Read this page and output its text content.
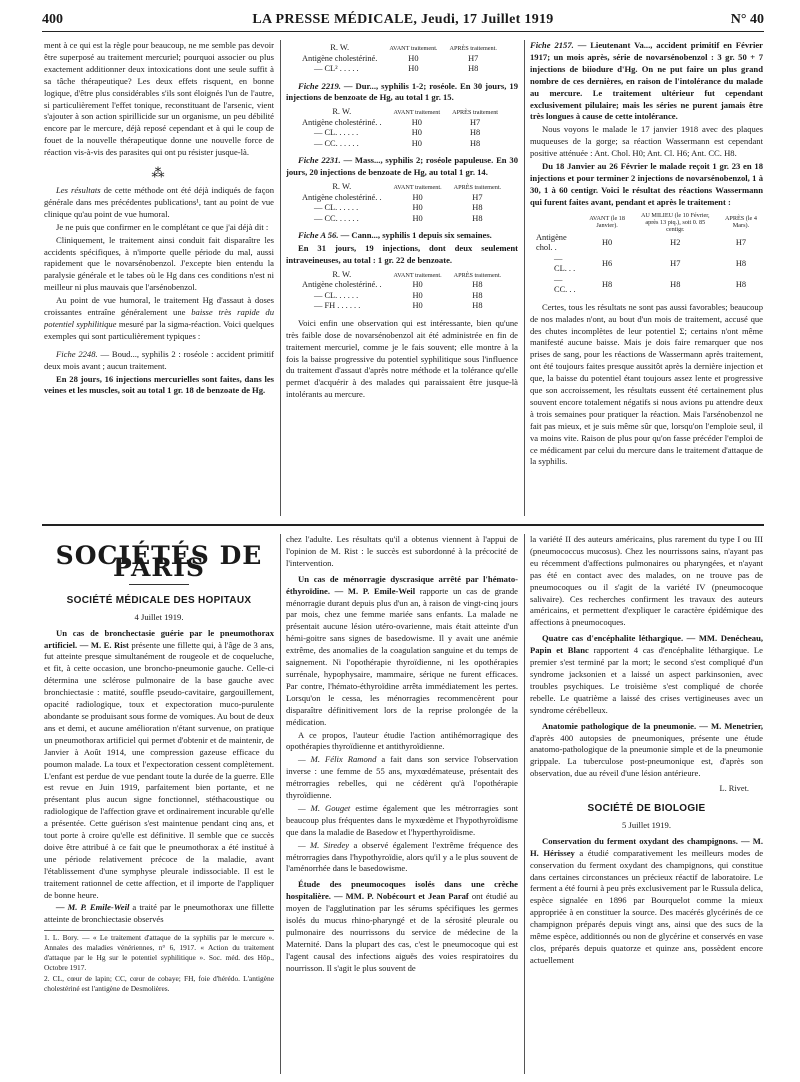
400	LA PRESSE MÉDICALE, Jeudi, 17 Juillet 1919	N° 40

ment à ce qui est la règle pour beaucoup, ne me semble pas devoir être superposé au traitement mercuriel; pourquoi associer ou plus exactement additionner deux intoxications dont une seule suffit à sa tâche thérapeutique? Les deux effets risquent, en bonne logique, d'être plus considérables s'ils sont éloignés l'un de l'autre, si particulièrement l'effet tonique, reconstituant de l'arsenic, vient s'ajouter à son action spirillicide sur un organisme, un peu débilité encore par le mercure, déjà reposé cependant et à qui le coup de fouet de la nouvelle thérapeutique donne une nouvelle force de réaction vis-à-vis des parasites qui ont pu résister jusque-là.

⁂

Les résultats de cette méthode ont été déjà indiqués de façon générale dans mes précédentes publications¹, tant au point de vue clinique qu'au point de vue humoral.

Je ne puis que confirmer en le complétant ce que j'ai déjà dit :

Cliniquement, le traitement ainsi conduit fait disparaître les accidents spécifiques, à n'importe quelle période du mal, aussi rapidement que le novarsénobenzol. J'excepte bien entendu la paralysie générale et le tabes où le Hg dans ces conditions n'est ni meilleur ni plus mauvais que l'arsénobenzol.

Au point de vue humoral, le traitement Hg d'assaut à doses croissantes entraîne généralement une baisse très rapide du potentiel syphilitique mesuré par la sigma-réaction. Voici quelques exemples qui sont particulièrement typiques :

Fiche 2248. — Boud..., syphilis 2 : roséole : accident primitif deux mois avant ; aucun traitement.

En 28 jours, 16 injections mercurielles sont faites, dans les veines et les muscles, soit au total 1 gr. 18 de benzoate de Hg.

R. W.	AVANT traitement.	APRÈS traitement.
Antigène cholestériné.	H0	H7
— CL² . . . . .	H0	H8

Fiche 2219. — Dur..., syphilis 1-2; roséole. En 30 jours, 19 injections de benzoate de Hg, au total 1 gr. 15.

R. W.	AVANT traitement	APRÈS traitement
Antigène cholestériné. .	H0	H7
— CL. . . . . .	H0	H8
— CC. . . . . .	H0	H8

Fiche 2231. — Mass..., syphilis 2; roséole papuleuse. En 30 jours, 20 injections de benzoate de Hg, au total 1 gr. 14.

R. W.	AVANT traitement.	APRÈS traitement.
Antigène cholestériné. .	H0	H7
— CL. . . . . .	H0	H8
— CC. . . . . .	H0	H8

Fiche A 56. — Cann..., syphilis 1 depuis six semaines.

En 31 jours, 19 injections, dont deux seulement intraveineuses, au total : 1 gr. 22 de benzoate.

R. W.	AVANT traitement.	APRÈS traitement.
Antigène cholestériné. .	H0	H8
— CL. . . . . .	H0	H8
— FH . . . . . .	H0	H8

Voici enfin une observation qui est intéressante, bien qu'une très faible dose de novarsénobenzol ait été administrée en fin de traitement mercuriel, comme je le fais souvent; elle montre à la fois la baisse progressive du potentiel syphilitique sous l'influence du traitement d'assaut d'après notre méthode et la tolérance qu'elle permet d'acquérir à des malades qui paraissaient être jusque-là intolérants au mercure.

Fiche 2157. — Lieutenant Va..., accident primitif en Février 1917; un mois après, série de novarsénobenzol : 3 gr. 50 + 7 injections de biiodure d'Hg. On ne put faire un plus grand nombre de ces dernières, en raison de l'intolérance du malade au mercure. Le traitement ultérieur fut cependant exclusivement pilulaire; mais les séries ne purent jamais être très longues à cause de cette intolérance.

Nous voyons le malade le 17 janvier 1918 avec des plaques muqueuses de la gorge; sa réaction Wassermann est cependant positive atténuée : Ant. Chol. H0; Ant. Cl. H6; Ant. CC. H8.

Du 18 Janvier au 26 Février le malade reçoit 1 gr. 23 en 18 injections et pour terminer 2 injections de novarsénobenzol, 1 à 30, 1 à 60 centigr. Voici le résultat des réactions Wassermann qui furent faites avant, pendant et après le traitement :

	AVANT (le 18 Janvier).	AU MILIEU (le 10 Février, après 13 piq.), soit 0. 85 centigr.	APRÈS (le 4 Mars).
Antigène chol. .	H0	H2	H7
— CL. . .	H6	H7	H8
— CC. . .	H8	H8	H8

Certes, tous les résultats ne sont pas aussi favorables; beaucoup de nos malades n'ont, au bout d'un mois de traitement, accusé que des chutes incomplètes de leur potentiel Σ; certains n'ont même manifesté aucune baisse. Mais je dois faire remarquer que nos prises de sang, pour les réactions de Wassermann après traitement, ont été toujours faites presque aussitôt après la dernière injection et que, la baisse du potentiel étant toujours assez lente et progressive que son accroissement, les résultats eussent été certainement plus souvent encore totalement négatifs si nous avions pu attendre deux à trois semaines pour pratiquer la réaction. Mais l'arsénobenzol ne fait pas mieux, et je suis même sûr que, lorsqu'on l'emploie seul, il va moins vite. Raison de plus pour qu'on fasse précéder l'emploi de ce médicament par celui du mercure dans le traitement d'attaque de la syphilis.

SOCIÉTÉS DE PARIS
SOCIÉTÉ MÉDICALE DES HOPITAUX
4 Juillet 1919.

Un cas de bronchectasie guérie par le pneumothorax artificiel. — M. E. Rist présente une fillette qui, à l'âge de 3 ans, fut atteinte presque simultanément de rougeole et de coqueluche, et fit, à cette occasion, une broncho-pneumonie gauche. Celle-ci détermina une sclérose pulmonaire de la base gauche avec bronchiectasie : matité, souffle pseudo-cavitaire, gargouillement, opacité radiologique, toux et expectoration muco-purulente abondante se produisant sous forme de vomiques. Au bout de deux ans et demi, et aucune amélioration n'étant survenue, on pratique un pneumothorax artificiel qui permet d'obtenir et de maintenir, de Janvier à Août 1914, une compression gazeuse efficace du poumon malade. La toux et l'expectoration cessent complètement. L'enfant est perdue de vue pendant toute la durée de la guerre. Elle est revue en Juin 1919, parfaitement bien portante, et ne présentant plus aucun signe fonctionnel, stéthacoustique ou radiologique de l'affection grave et ordinairement incurable qu'elle a présentée. Cette guérison s'est maintenue pendant cinq ans, et tout porte à croire qu'elle est définitive. Il semble que ce succès doive être attribué à ce fait que le pneumothorax a été institué à une période relativement précoce de la maladie, avant l'établissement d'une symphyse pleurale indissociable. Il est le traitement rationnel de cette affection, et il importe de l'appliquer de bonne heure.

— M. P. Emile-Weil a traité par le pneumothorax une fillette atteinte de bronchiectasie observés

1. L. Bory. — « Le traitement d'attaque de la syphilis par le mercure ». Annales des maladies vénériennes, n° 6, 1917. « Action du traitement d'attaque par le Hg sur le potentiel syphilitique ». Soc. méd. des Hôp., Octobre 1917.

2. CL, cœur de lapin; CC, cœur de cobaye; FH, foie d'hérédo. L'antigène cholestériné est l'antigène de Desmolières.

chez l'adulte. Les résultats qu'il a obtenus viennent à l'appui de l'opinion de M. Rist : le succès est subordonné à la précocité de l'intervention.

Un cas de ménorragie dyscrasique arrêté par l'hémato-éthyroïdine. — M. P. Emile-Weil rapporte un cas de grande ménorragie durant depuis plus d'un an, à raison de vingt-cinq jours par mois, chez une femme mariée sans enfants. La malade ne présentait aucune lésion utéro-ovarienne, mais était atteinte d'un hémi-goitre sans signes de basedowisme. Il y avait une anémie extrême, des anomalies de la coagulation sanguine et du temps de saignement. Ni l'opothérapie thyroïdienne, ni les opothérapies surrénale, hypophysaire, mammaire, sérique ne furent efficaces. Par contre, l'hémato-éthyroïdine arrêta immédiatement les pertes. Lorsqu'on le cessa, les ménorragies recommencèrent pour disparaître définitivement lors de la reprise prolongée de la médication.

A ce propos, l'auteur étudie l'action antihémorragique des opothérapies thyroïdienne et antithyroïdienne.

— M. Félix Ramond a fait dans son service l'observation inverse : une femme de 55 ans, myxœdémateuse, présentait des métrorragies rebelles, qui ne cédèrent qu'à l'opothérapie thyroïdienne.

— M. Gouget estime également que les métrorragies sont beaucoup plus fréquentes dans le myxœdème et l'hypothyroïdisme que dans la maladie de Basedow et l'hyperthyroïdisme.

— M. Siredey a observé également l'extrême fréquence des métrorragies dans l'hypothyroïdie, alors qu'il y a le plus souvent de l'aménorrhée dans le basedowisme.

Étude des pneumocoques isolés dans une crèche hospitalière. — MM. P. Nobécourt et Jean Paraf ont étudié au moyen de l'agglutination par les sérums spécifiques les germes isolés du mucus rhino-pharyngé et de la sérosité pleurale ou pulmonaire des nourrissons du service de médecine de la Maternité. Dans la plupart des cas, c'est le pneumocoque qui est l'agent causal des infections aiguës des voies respiratoires du nourrisson. Il s'agit le plus souvent de

la variété II des auteurs américains, plus rarement du type I ou III (pneumococcus mucosus). Chez les nourrissons sains, n'ayant pas eu récemment d'affections pulmonaires ou pharyngées, et n'ayant pas été en contact avec des malades, on ne trouve pas de pneumocoques ou il s'agit de la variété IV (pneumocoque salivaire). Ces recherches confirment les travaux des auteurs américains, et permettent d'expliquer le caractère épidémique des affections à pneumocoques.

Quatre cas d'encéphalite léthargique. — MM. Denécheau, Papin et Blanc rapportent 4 cas d'encéphalite léthargique. Le premier s'est terminé par la mort; le second s'est compliqué d'un syndrome jacksonien et a laissé un aspect parkinsonien, avec troubles psychiques. Le troisième s'est compliqué de chorée rebelle. Le quatrième a laissé des crises vertigineuses avec un syndrome cérébelleux.

Anatomie pathologique de la pneumonie. — M. Menetrier, d'après 400 autopsies de pneumoniques, présente une étude anatomo-pathologique de la pneumonie simple et de la pneumonie grippale. La tuberculose post-pneumonique est, d'après son observation, due au réveil d'une lésion antérieure.

L. Rivet.
SOCIÉTÉ DE BIOLOGIE
5 Juillet 1919.

Conservation du ferment oxydant des champignons. — M. H. Hérissey a étudié comparativement les meilleurs modes de conservation du ferment oxydant des champignons, qui constitue dans certaines circonstances un précieux réactif de laboratoire. Le ferment a été fourni à peu près exclusivement par le Russula delica, espèce signalée en 1896 par Bourquelot comme la mieux appropriée à en constituer la source. Des macérés glycérinés de ce champignon préparés depuis vingt ans, ainsi que des sucs de la même espèce, additionnés ou non de glycérine et conservés en vase clos, préparés depuis quatorze et quinze ans, possèdent encore actuellement
